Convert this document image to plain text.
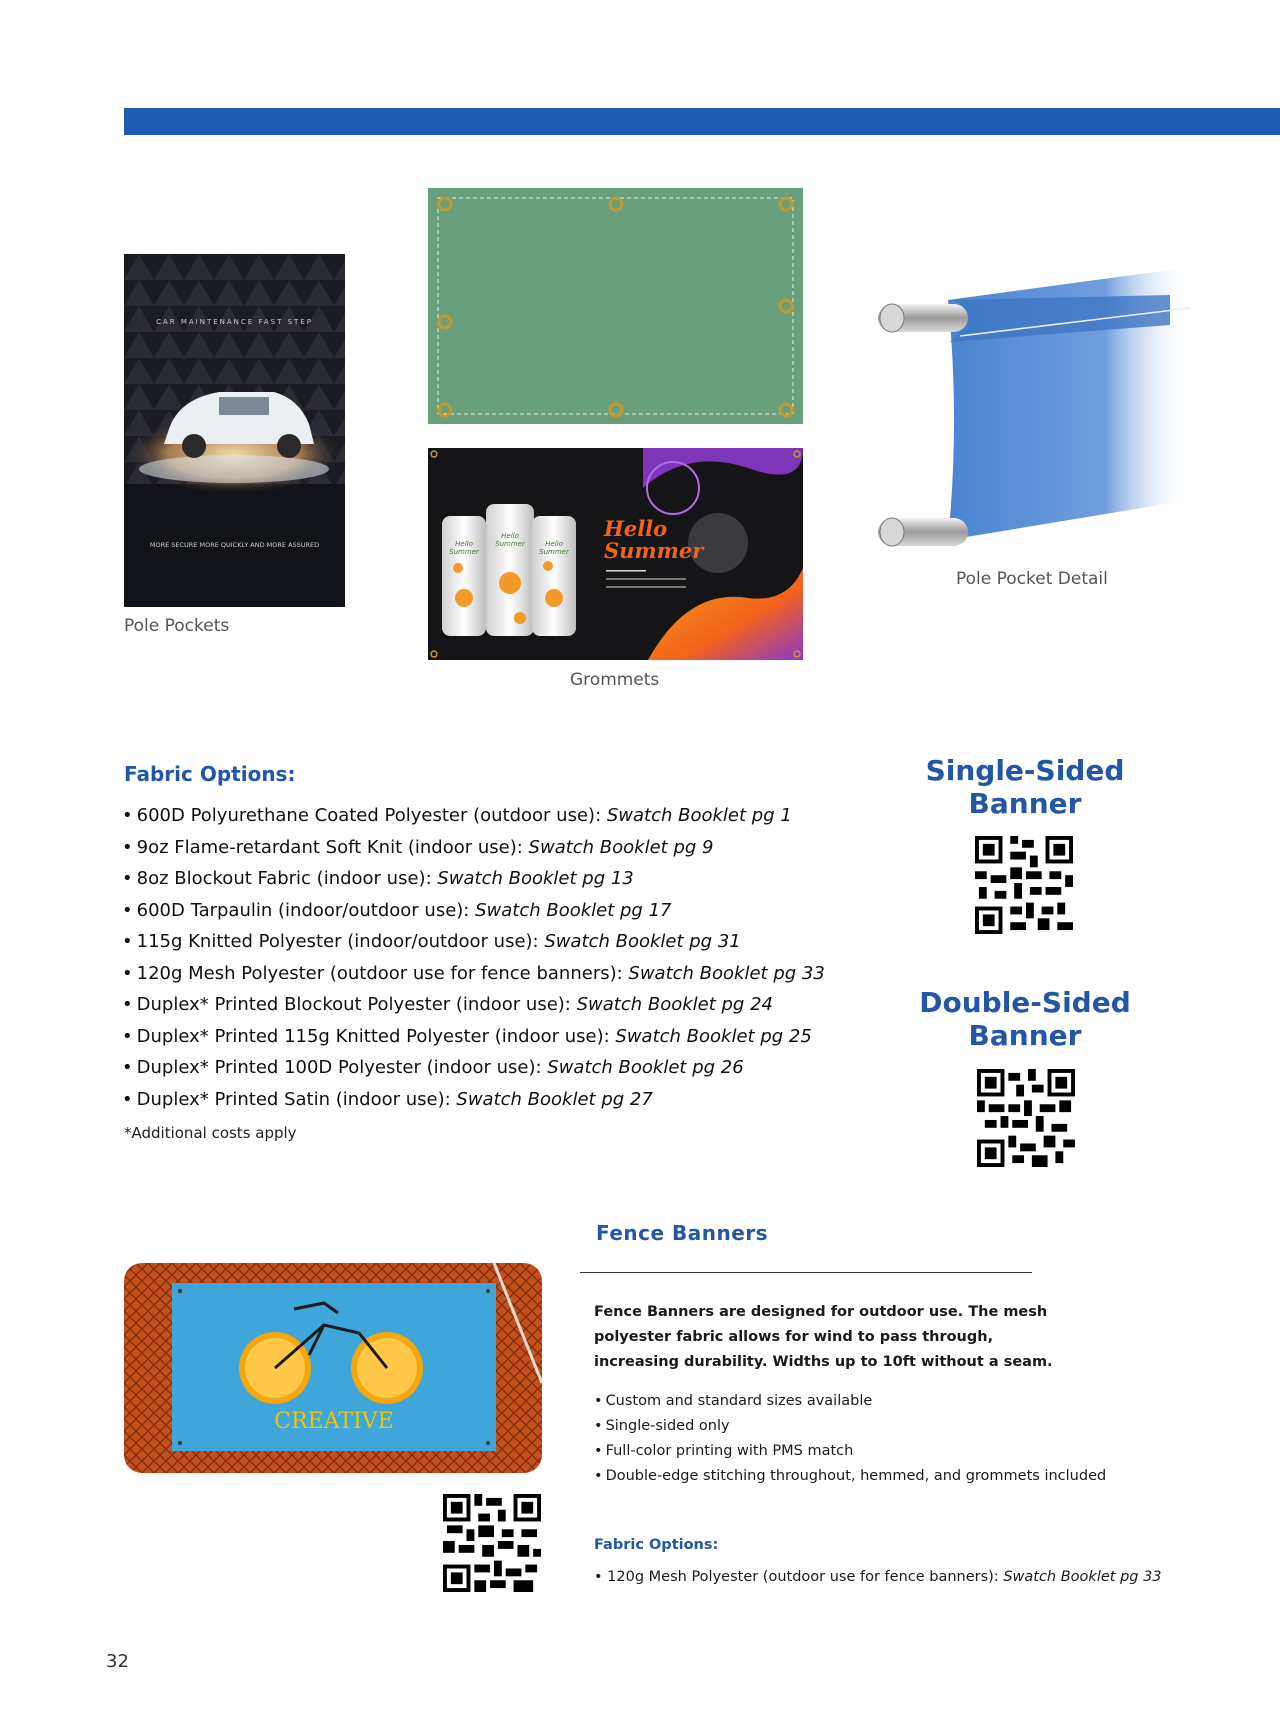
CAR MAINTENANCE FAST STEP
MORE SECURE MORE QUICKLY AND MORE ASSURED
Pole Pockets
Hello
Summer
Hello Summer
Hello Summer	Hello Summer
Grommets
Pole Pocket Detail
Fabric Options:
• 600D Polyurethane Coated Polyester (outdoor use): Swatch Booklet pg 1
• 9oz Flame-retardant Soft Knit (indoor use): Swatch Booklet pg 9
• 8oz Blockout Fabric (indoor use): Swatch Booklet pg 13
• 600D Tarpaulin (indoor/outdoor use): Swatch Booklet pg 17
• 115g Knitted Polyester (indoor/outdoor use): Swatch Booklet pg 31
• 120g Mesh Polyester (outdoor use for fence banners): Swatch Booklet pg 33
• Duplex* Printed Blockout Polyester (indoor use): Swatch Booklet pg 24
• Duplex* Printed 115g Knitted Polyester (indoor use): Swatch Booklet pg 25
• Duplex* Printed 100D Polyester (indoor use): Swatch Booklet pg 26
• Duplex* Printed Satin (indoor use): Swatch Booklet pg 27
*Additional costs apply
Single-Sided
Banner
Double-Sided
Banner
CREATIVE
Fence Banners
Fence Banners are designed for outdoor use. The mesh polyester fabric allows for wind to pass through, increasing durability. Widths up to 10ft without a seam.
• Custom and standard sizes available
• Single-sided only
• Full-color printing with PMS match
• Double-edge stitching throughout, hemmed, and grommets included
Fabric Options:
• 120g Mesh Polyester (outdoor use for fence banners): Swatch Booklet pg 33
32
